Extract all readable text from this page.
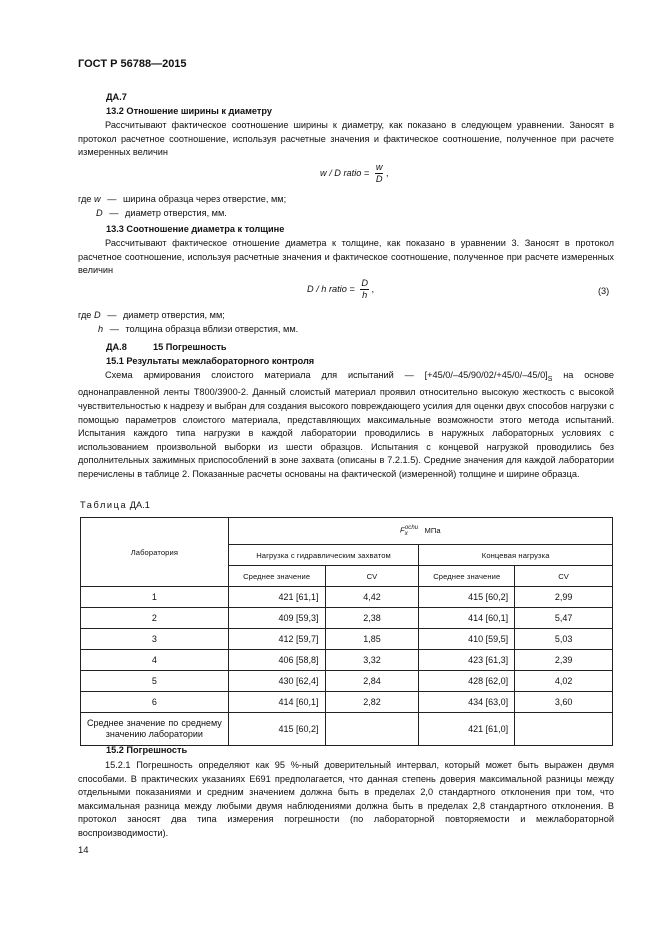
ГОСТ Р 56788—2015
ДА.7
13.2 Отношение ширины к диаметру
Рассчитывают фактическое соотношение ширины к диаметру, как показано в следующем уравнении. Заносят в протокол расчетное соотношение, используя расчетные значения и фактическое соотношение, полученное при расчете измеренных величин
w / D ratio = $\frac{w}{D}$ ,
где w — ширина образца через отверстие, мм;
D — диаметр отверстия, мм.
13.3 Соотношение диаметра к толщине
Рассчитывают фактическое отношение диаметра к толщине, как показано в уравнении 3. Заносят в протокол расчетное соотношение, используя расчетные значения и фактическое соотношение, полученное при расчете измеренных величин
D / h ratio = $\frac{D}{h}$ ,	(3)
где D — диаметр отверстия, мм;
h — толщина образца вблизи отверстия, мм.
ДА.8	15 Погрешность
15.1 Результаты межлабораторного контроля
Схема армирования слоистого материала для испытаний — $[+45/0/-45/90/02/+45/0/-45/0]_S$ на основе однонаправленной ленты T800/3900-2. Данный слоистый материал проявил относительно высокую жесткость с высокой чувствительностью к надрезу и выбран для создания высокого повреждающего усилия для оценки двух способов нагрузки с помощью параметров слоистого материала, представляющих максимальные возможности этого метода испытаний. Испытания каждого типа нагрузки в каждой лаборатории проводились в наружных лабораторных условиях с использованием произвольной выборки из шести образцов. Испытания с концевой нагрузкой проводились без дополнительных зажимных приспособлений в зоне захвата (описаны в 7.2.1.5). Средние значения для каждой лаборатории перечислены в таблице 2. Показанные расчеты основаны на фактической (измеренной) толщине и ширине образца.
Таблица ДА.1
Лаборатория	$F_x^{ochu}$ МПа			
	Нагрузка с гидравлическим захватом		Концевая нагрузка	
	Среднее значение	CV	Среднее значение	CV
1	421 [61,1]	4,42	415 [60,2]	2,99
2	409 [59,3]	2,38	414 [60,1]	5,47
3	412 [59,7]	1,85	410 [59,5]	5,03
4	406 [58,8]	3,32	423 [61,3]	2,39
5	430 [62,4]	2,84	428 [62,0]	4,02
6	414 [60,1]	2,82	434 [63,0]	3,60
Среднее значение по среднему значению лаборатории	415 [60,2]		421 [61,0]	
15.2 Погрешность
15.2.1 Погрешность определяют как 95 %-ный доверительный интервал, который может быть выражен двумя способами. В практических указаниях E691 предполагается, что данная степень доверия максимальной разницы между отдельными показаниями и средним значением должна быть в пределах 2,0 стандартного отклонения при том, что максимальная разница между любыми двумя наблюдениями должна быть в пределах 2,8 стандартного отклонения. В протокол заносят два типа измерения погрешности (по лабораторной повторяемости и межлабораторной воспроизводимости).
14
